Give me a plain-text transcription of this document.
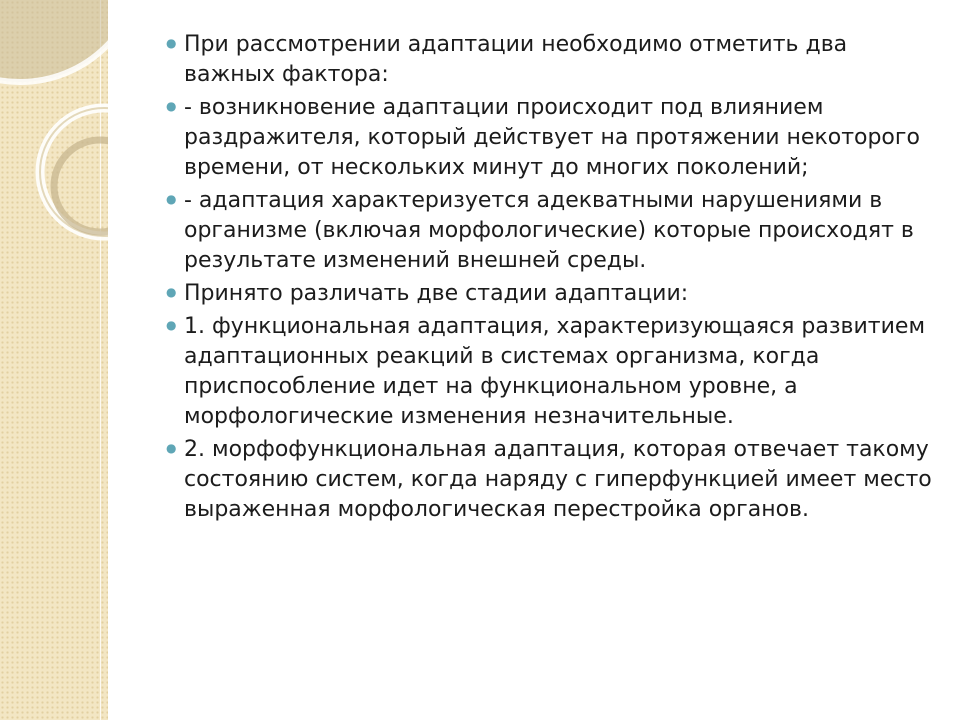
● При рассмотрении адаптации необходимо отметить два важных фактора:
● - возникновение адаптации происходит под влиянием раздражителя, который действует на протяжении некоторого времени, от нескольких минут до многих поколений;
● - адаптация характеризуется адекватными нарушениями в организме (включая морфологические) которые происходят в результате изменений внешней среды.
● Принято различать две стадии адаптации:
● 1. функциональная адаптация, характеризующаяся развитием адаптационных реакций в системах организма, когда приспособление идет на функциональном уровне, а морфологические изменения незначительные.
● 2. морфофункциональная адаптация, которая отвечает такому состоянию систем, когда наряду с гиперфункцией имеет место выраженная морфологическая перестройка органов.
